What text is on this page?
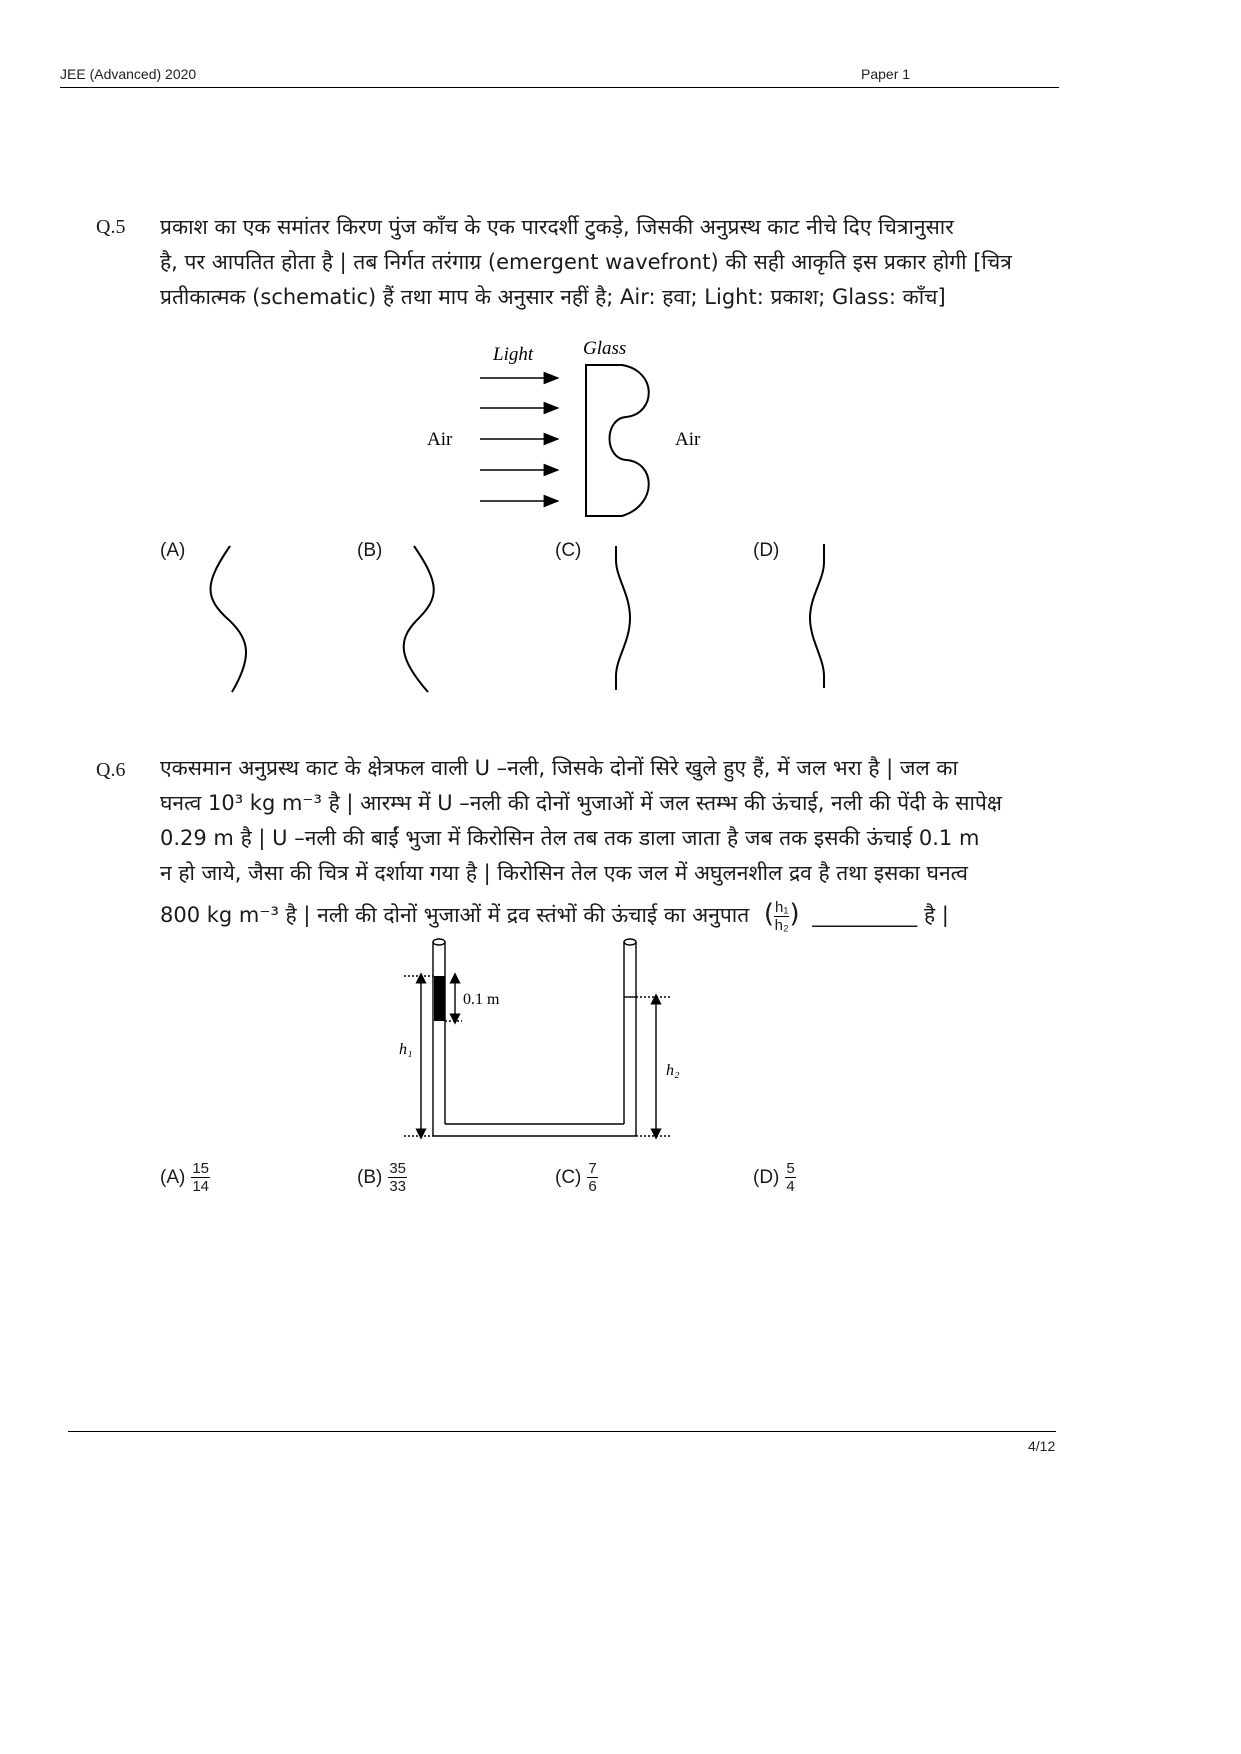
JEE (Advanced) 2020	Paper 1
Q.5 प्रकाश का एक समांतर किरण पुंज काँच के एक पारदर्शी टुकड़े, जिसकी अनुप्रस्थ काट नीचे दिए चित्रानुसार
है, पर आपतित होता है | तब निर्गत तरंगाग्र (emergent wavefront) की सही आकृति इस प्रकार होगी [चित्र
प्रतीकात्मक (schematic) हैं तथा माप के अनुसार नहीं है; Air: हवा; Light: प्रकाश; Glass: काँच]
Light	Glass
Air	Air
(A)	(B)	(C)	(D)
Q.6 एकसमान अनुप्रस्थ काट के क्षेत्रफल वाली U –नली, जिसके दोनों सिरे खुले हुए हैं, में जल भरा है | जल का
घनत्व 10³ kg m⁻³ है | आरम्भ में U –नली की दोनों भुजाओं में जल स्तम्भ की ऊंचाई, नली की पेंदी के सापेक्ष
0.29 m है | U –नली की बाईं भुजा में किरोसिन तेल तब तक डाला जाता है जब तक इसकी ऊंचाई 0.1 m
न हो जाये, जैसा की चित्र में दर्शाया गया है | किरोसिन तेल एक जल में अघुलनशील द्रव है तथा इसका घनत्व
800 kg m⁻³ है | नली की दोनों भुजाओं में द्रव स्तंभों की ऊंचाई का अनुपात ( $\frac{\text{h₁}}{\text{h₂}}$ ) __________ है |
0.1 m
h₁
h₂
$(A) \frac{15}{14}$	$(B) \frac{35}{33}$	$(C) \frac{7}{6}$	$(D) \frac{5}{4}$
4/12
